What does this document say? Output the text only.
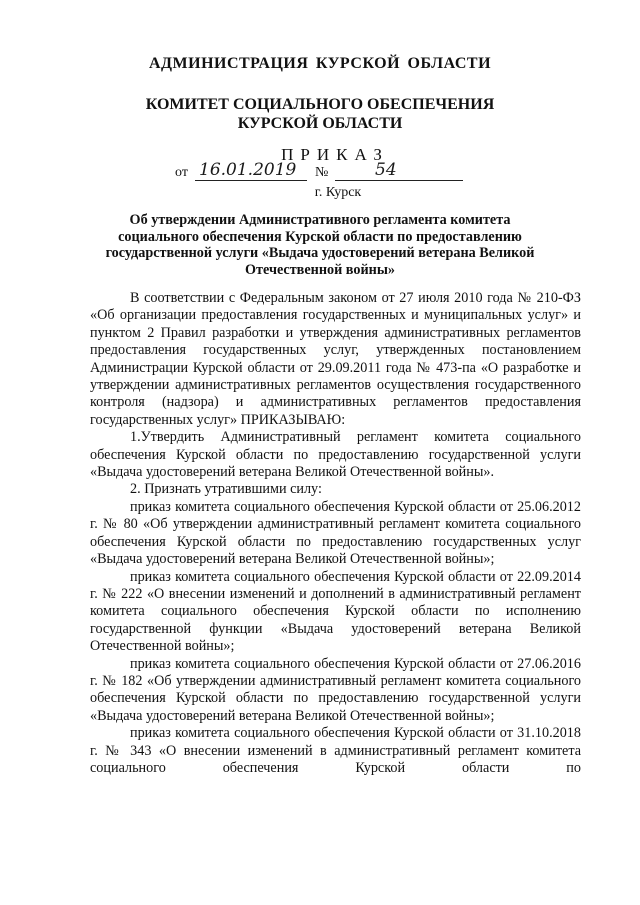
АДМИНИСТРАЦИЯ КУРСКОЙ ОБЛАСТИ
КОМИТЕТ СОЦИАЛЬНОГО ОБЕСПЕЧЕНИЯ
КУРСКОЙ ОБЛАСТИ
ПРИКАЗ
от 16.01.2019 №	54
г. Курск
Об утверждении Административного регламента комитета социального обеспечения Курской области по предоставлению государственной услуги «Выдача удостоверений ветерана Великой Отечественной войны»

В соответствии с Федеральным законом от 27 июля 2010 года № 210-ФЗ «Об организации предоставления государственных и муниципальных услуг» и пунктом 2 Правил разработки и утверждения административных регламентов предоставления государственных услуг, утвержденных постановлением Администрации Курской области от 29.09.2011 года № 473-па «О разработке и утверждении административных регламентов осуществления государственного контроля (надзора) и административных регламентов предоставления государственных услуг» ПРИКАЗЫВАЮ:

1.Утвердить Административный регламент комитета социального обеспечения Курской области по предоставлению государственной услуги «Выдача удостоверений ветерана Великой Отечественной войны».

2. Признать утратившими силу:

приказ комитета социального обеспечения Курской области от 25.06.2012 г. № 80 «Об утверждении административный регламент комитета социального обеспечения Курской области по предоставлению государственных услуг «Выдача удостоверений ветерана Великой Отечественной войны»;

приказ комитета социального обеспечения Курской области от 22.09.2014 г. № 222 «О внесении изменений и дополнений в административный регламент комитета социального обеспечения Курской области по исполнению государственной функции «Выдача удостоверений ветерана Великой Отечественной войны»;

приказ комитета социального обеспечения Курской области от 27.06.2016 г. № 182 «Об утверждении административный регламент комитета социального обеспечения Курской области по предоставлению государственной услуги «Выдача удостоверений ветерана Великой Отечественной войны»;

приказ комитета социального обеспечения Курской области от 31.10.2018 г. № 343 «О внесении изменений в административный регламент комитета социального обеспечения Курской области по
